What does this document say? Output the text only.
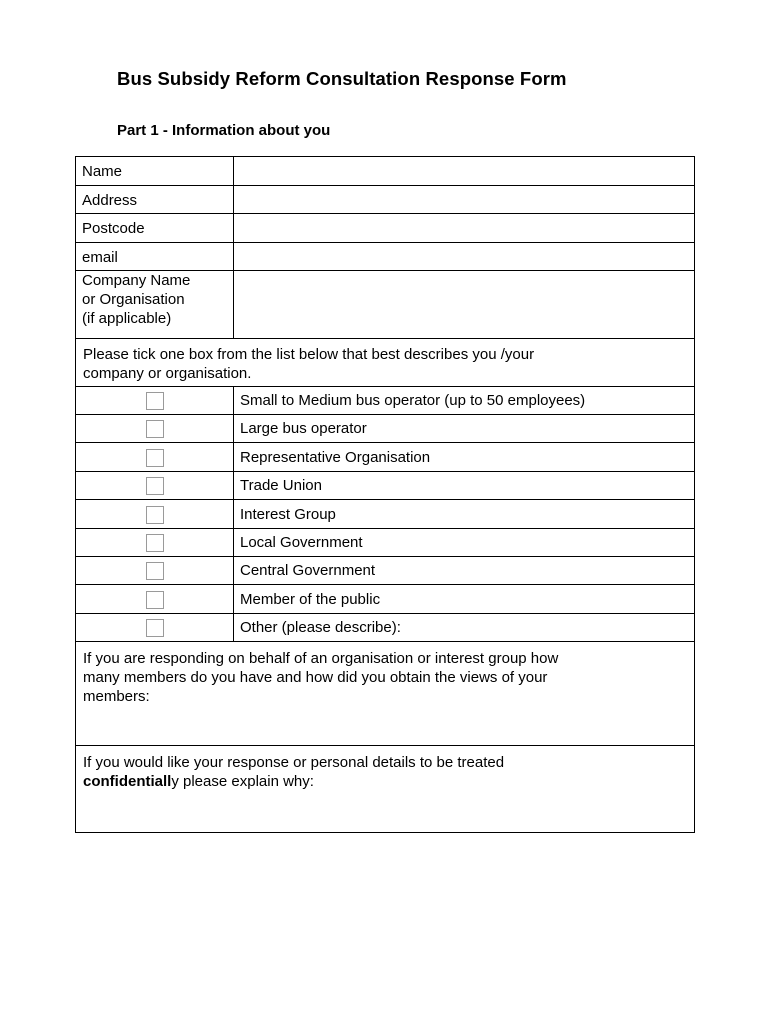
Bus Subsidy Reform Consultation Response Form
Part 1 - Information about you
Name	
Address	
Postcode	
email	

Company Name
or Organisation
(if applicable)	

Please tick one box from the list below that best describes you /your
company or organisation.	

	Small to Medium bus operator (up to 50 employees)
	Large bus operator
	Representative Organisation
	Trade Union
	Interest Group
	Local Government
	Central Government
	Member of the public
	Other (please describe):

If you are responding on behalf of an organisation or interest group how
many members do you have and how did you obtain the views of your
members:	

If you would like your response or personal details to be treated
confidentially please explain why:	
